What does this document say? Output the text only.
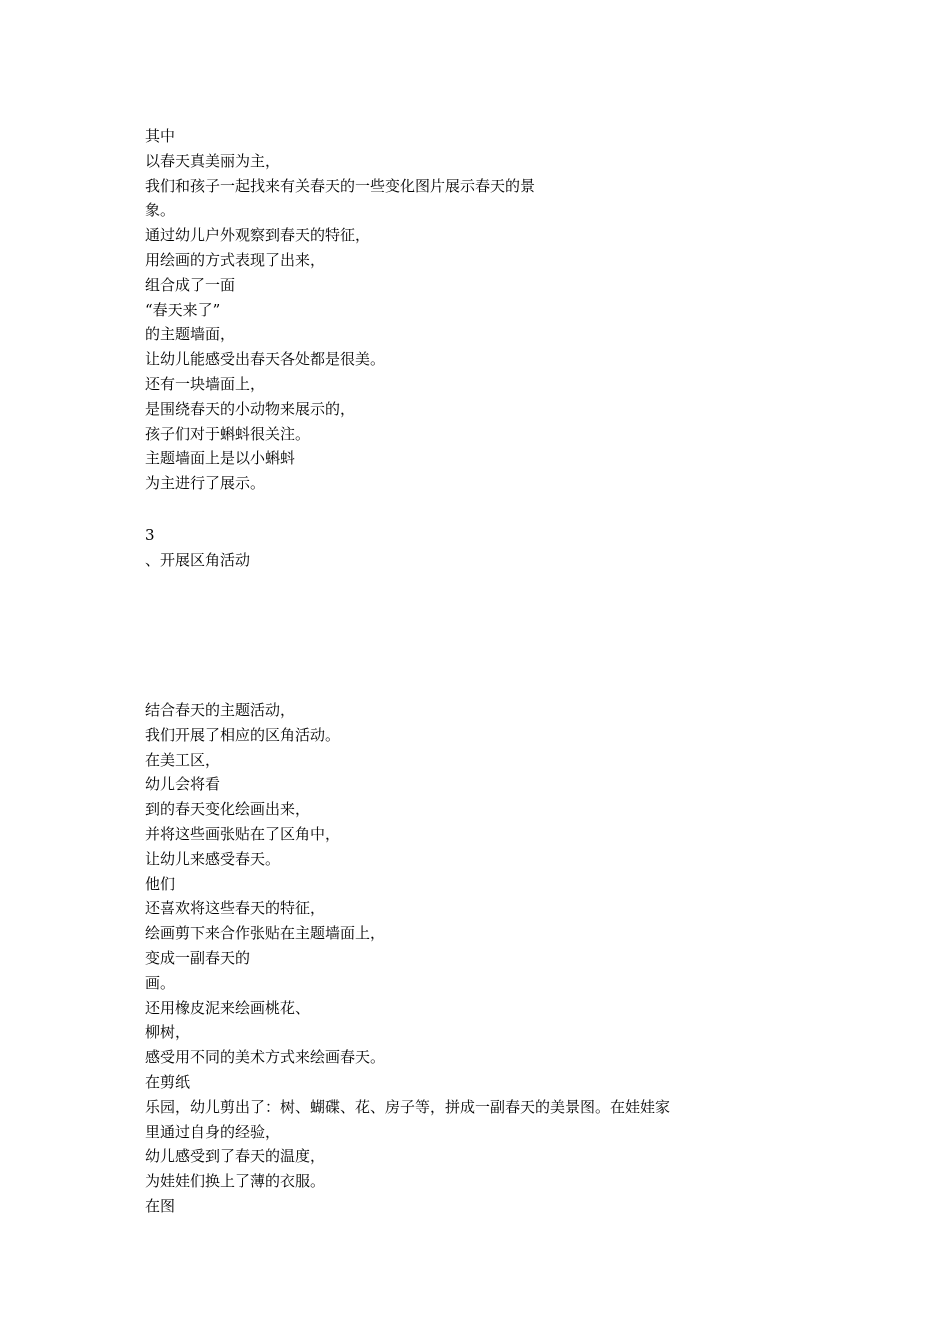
其中
以春天真美丽为主，
我们和孩子一起找来有关春天的一些变化图片展示春天的景
象。
通过幼儿户外观察到春天的特征，
用绘画的方式表现了出来，
组合成了一面
“春天来了”
的主题墙面，
让幼儿能感受出春天各处都是很美。
还有一块墙面上，
是围绕春天的小动物来展示的，
孩子们对于蝌蚪很关注。
主题墙面上是以小蝌蚪
为主进行了展示。
3
、开展区角活动
结合春天的主题活动，
我们开展了相应的区角活动。
在美工区，
幼儿会将看
到的春天变化绘画出来，
并将这些画张贴在了区角中，
让幼儿来感受春天。
他们
还喜欢将这些春天的特征，
绘画剪下来合作张贴在主题墙面上，
变成一副春天的
画。
还用橡皮泥来绘画桃花、
柳树，
感受用不同的美术方式来绘画春天。
在剪纸
乐园，幼儿剪出了：树、蝴碟、花、房子等，拼成一副春天的美景图。在娃娃家
里通过自身的经验，
幼儿感受到了春天的温度，
为娃娃们换上了薄的衣服。
在图
